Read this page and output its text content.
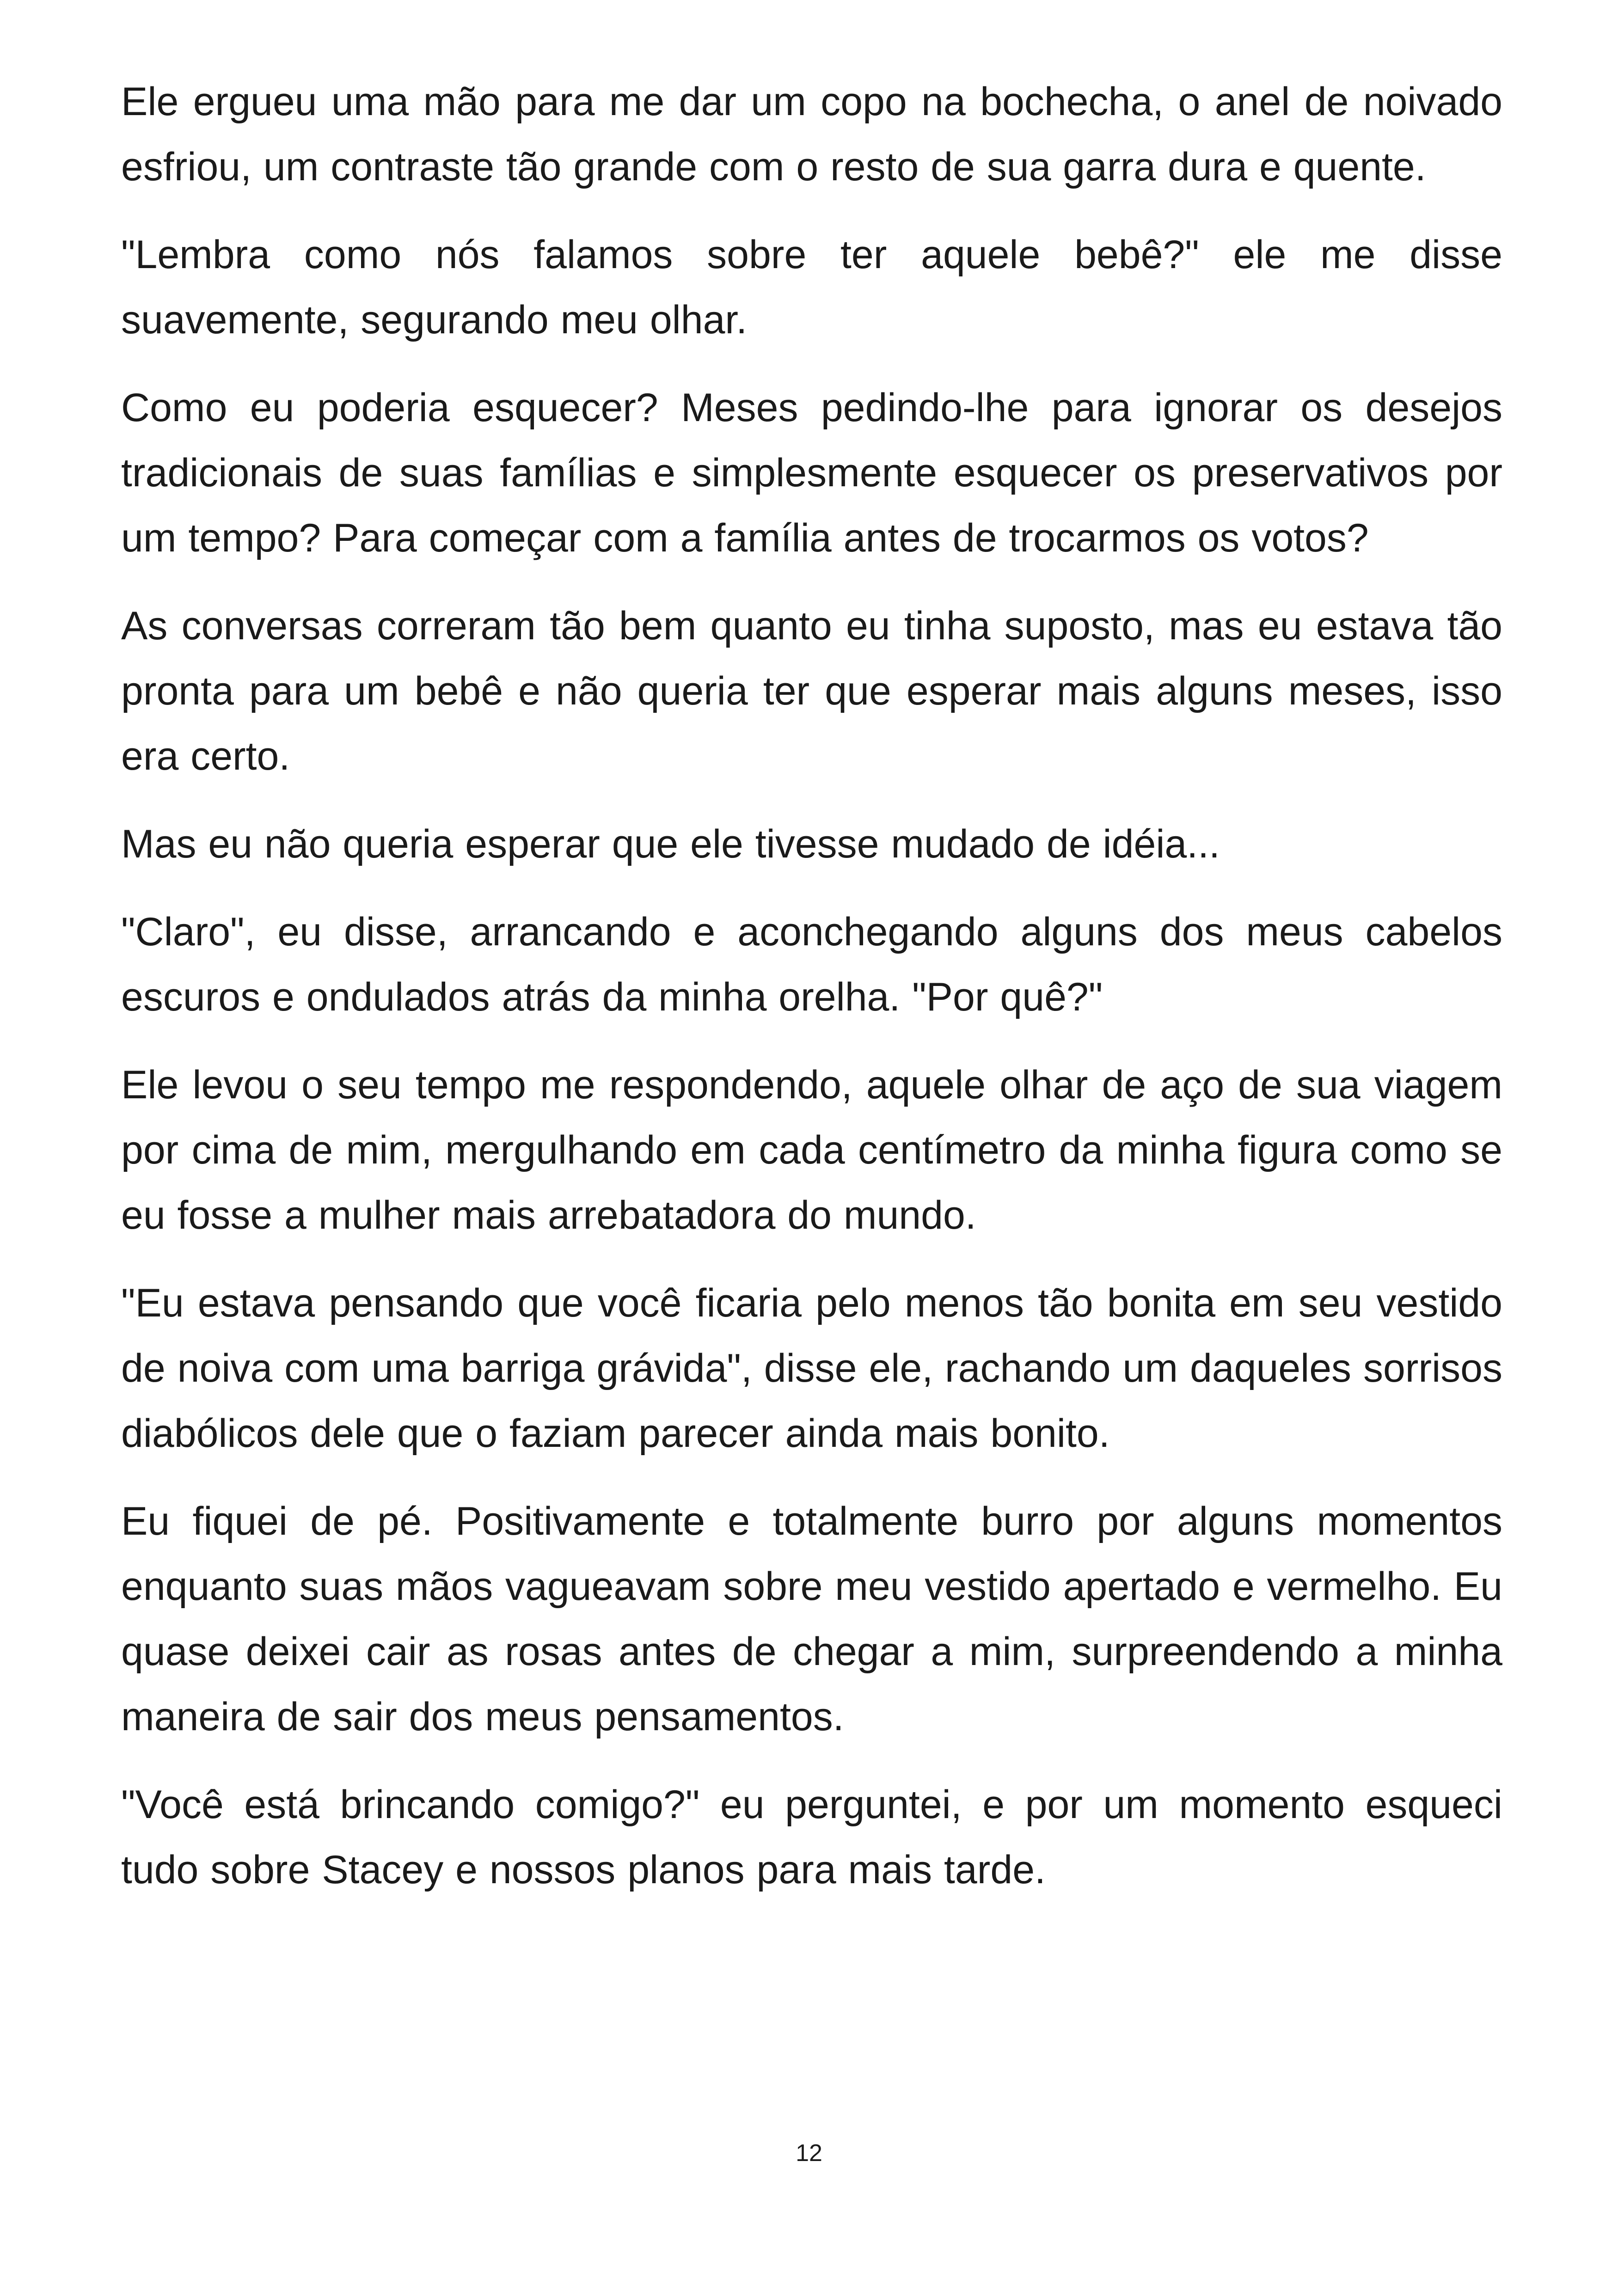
Ele ergueu uma mão para me dar um copo na bochecha, o anel de noivado esfriou, um contraste tão grande com o resto de sua garra dura e quente.

"Lembra como nós falamos sobre ter aquele bebê?" ele me disse suavemente, segurando meu olhar.

Como eu poderia esquecer? Meses pedindo-lhe para ignorar os desejos tradicionais de suas famílias e simplesmente esquecer os preservativos por um tempo? Para começar com a família antes de trocarmos os votos?

As conversas correram tão bem quanto eu tinha suposto, mas eu estava tão pronta para um bebê e não queria ter que esperar mais alguns meses, isso era certo.

Mas eu não queria esperar que ele tivesse mudado de idéia...

"Claro", eu disse, arrancando e aconchegando alguns dos meus cabelos escuros e ondulados atrás da minha orelha. "Por quê?"

Ele levou o seu tempo me respondendo, aquele olhar de aço de sua viagem por cima de mim, mergulhando em cada centímetro da minha figura como se eu fosse a mulher mais arrebatadora do mundo.

"Eu estava pensando que você ficaria pelo menos tão bonita em seu vestido de noiva com uma barriga grávida", disse ele, rachando um daqueles sorrisos diabólicos dele que o faziam parecer ainda mais bonito.

Eu fiquei de pé. Positivamente e totalmente burro por alguns momentos enquanto suas mãos vagueavam sobre meu vestido apertado e vermelho. Eu quase deixei cair as rosas antes de chegar a mim, surpreendendo a minha maneira de sair dos meus pensamentos.

"Você está brincando comigo?" eu perguntei, e por um momento esqueci tudo sobre Stacey e nossos planos para mais tarde.

12
